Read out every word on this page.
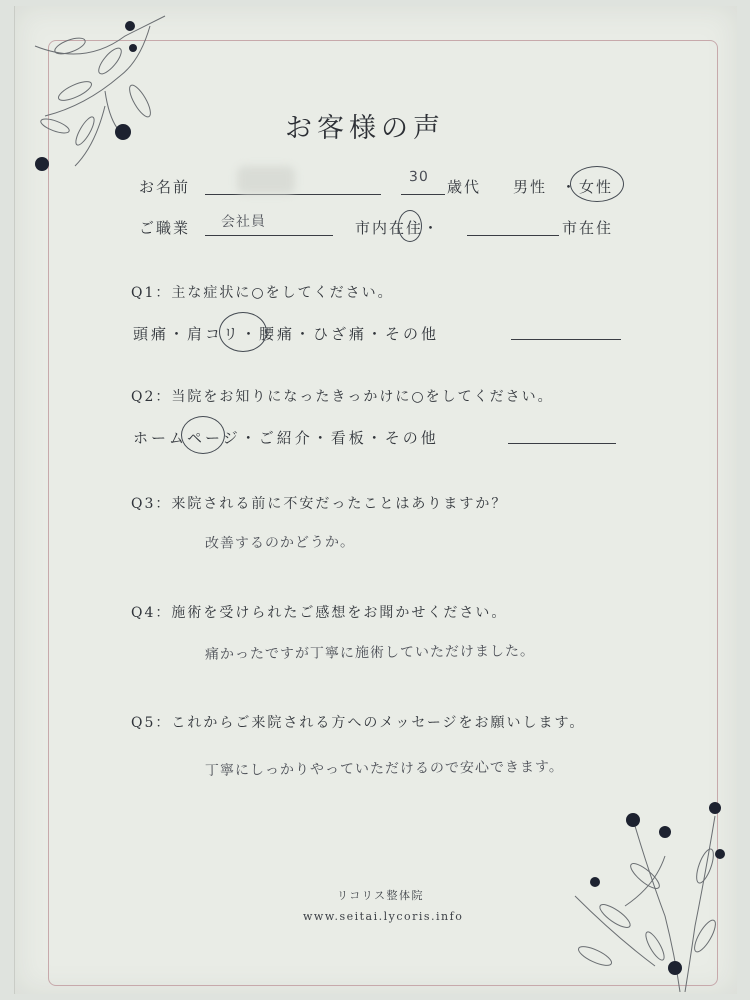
お客様の声
お名前
30
歳代 男性 ・ 女性
ご職業 会社員	市内在住・	市在住
Q1：主な症状に○をしてください。
頭痛・肩コリ・腰痛・ひざ痛・その他
Q2：当院をお知りになったきっかけに○をしてください。
ホームページ・ご紹介・看板・その他
Q3：来院される前に不安だったことはありますか？
改善するのかどうか。
Q4：施術を受けられたご感想をお聞かせください。
痛かったですが丁寧に施術していただけました。
Q5：これからご来院される方へのメッセージをお願いします。
丁寧にしっかりやっていただけるので安心できます。
リコリス整体院
www.seitai.lycoris.info
